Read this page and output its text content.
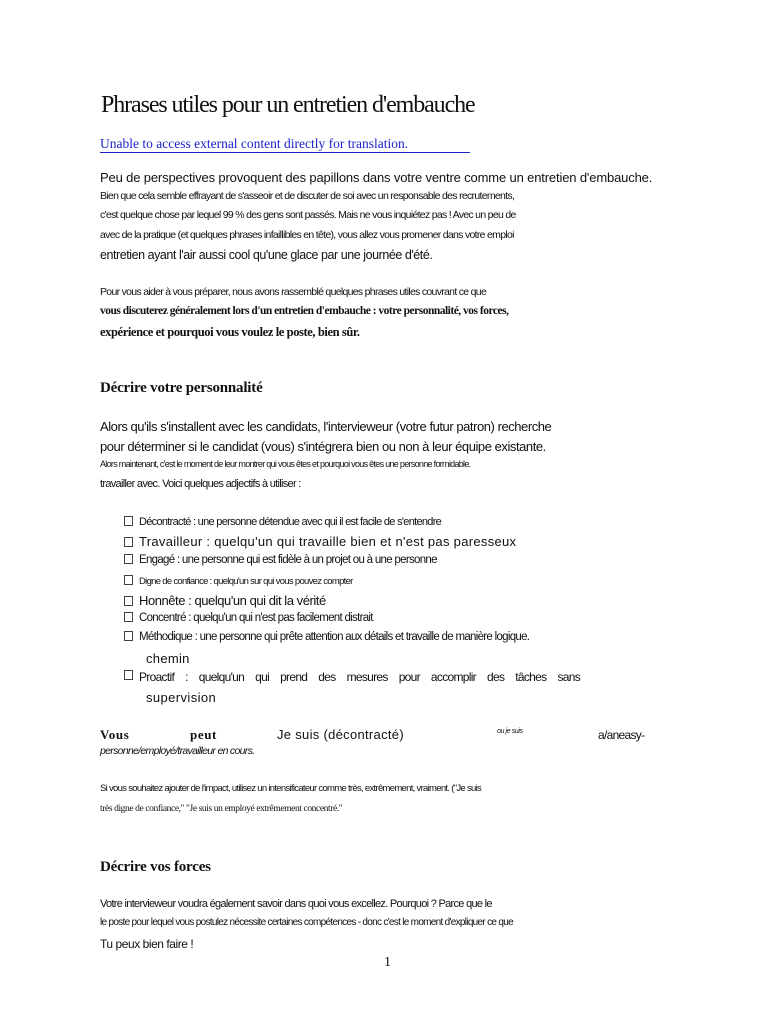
Phrases utiles pour un entretien d'embauche
Unable to access external content directly for translation.
Peu de perspectives provoquent des papillons dans votre ventre comme un entretien d'embauche.
Bien que cela semble effrayant de s'asseoir et de discuter de soi avec un responsable des recrutements,
c'est quelque chose par lequel 99 % des gens sont passés. Mais ne vous inquiétez pas ! Avec un peu de
avec de la pratique (et quelques phrases infaillibles en tête), vous allez vous promener dans votre emploi
entretien ayant l'air aussi cool qu'une glace par une journée d'été.
Pour vous aider à vous préparer, nous avons rassemblé quelques phrases utiles couvrant ce que
vous discuterez généralement lors d'un entretien d'embauche : votre personnalité, vos forces,
expérience et pourquoi vous voulez le poste, bien sûr.
Décrire votre personnalité
Alors qu'ils s'installent avec les candidats, l'intervieweur (votre futur patron) recherche
pour déterminer si le candidat (vous) s'intégrera bien ou non à leur équipe existante.
Alors maintenant, c'est le moment de leur montrer qui vous êtes et pourquoi vous êtes une personne formidable.
travailler avec. Voici quelques adjectifs à utiliser :
Décontracté : une personne détendue avec qui il est facile de s'entendre
Travailleur : quelqu'un qui travaille bien et n'est pas paresseux
Engagé : une personne qui est fidèle à un projet ou à une personne
Digne de confiance : quelqu'un sur qui vous pouvez compter
Honnête : quelqu'un qui dit la vérité
Concentré : quelqu'un qui n'est pas facilement distrait
Méthodique : une personne qui prête attention aux détails et travaille de manière logique.
chemin
Proactif : quelqu'un qui prend des mesures pour accomplir des tâches sans
supervision
Vous	peut	Je suis (décontracté)	ou je suis	a/aneasy-
personne/employé/travailleur en cours.
Si vous souhaitez ajouter de l'impact, utilisez un intensificateur comme très, extrêmement, vraiment. ("Je suis
très digne de confiance," "Je suis un employé extrêmement concentré."
Décrire vos forces
Votre intervieweur voudra également savoir dans quoi vous excellez. Pourquoi ? Parce que le
le poste pour lequel vous postulez nécessite certaines compétences - donc c'est le moment d'expliquer ce que
Tu peux bien faire !
1
